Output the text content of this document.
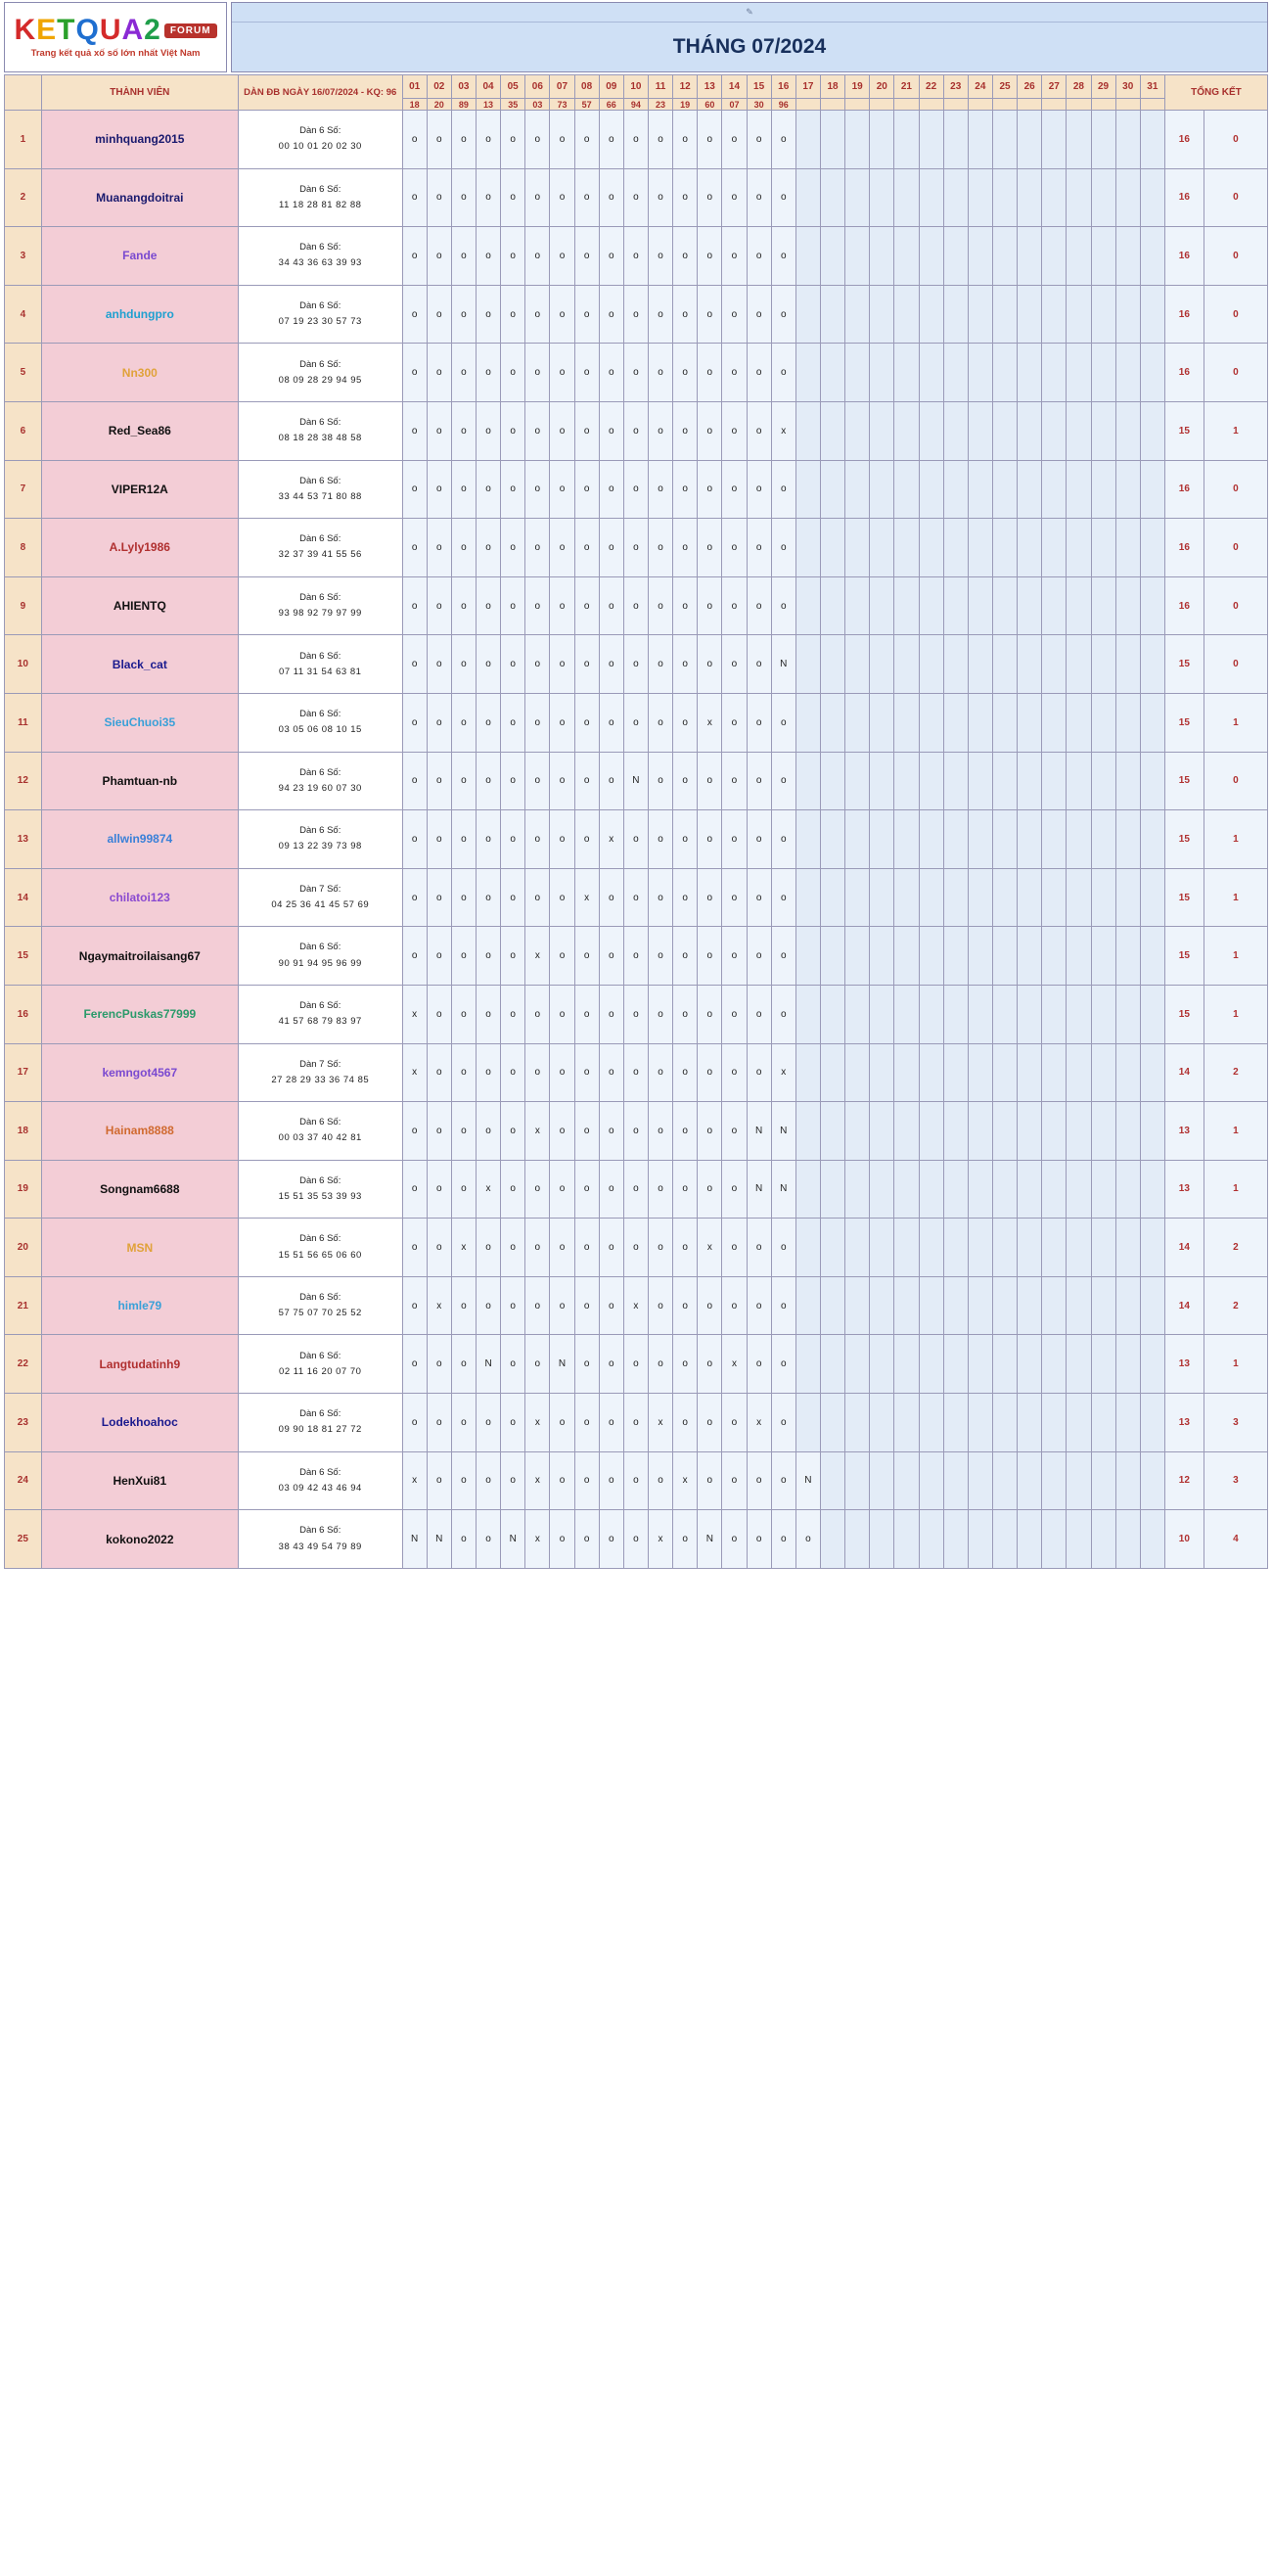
K E T Q U A 2	FORUM
Trang kết quả xố số lớn nhất Việt Nam
✎
THÁNG 07/2024
	THÀNH VIÊN	DÀN ĐB NGÀY 16/07/2024 - KQ: 96	01	02	03	04	05	06	07	08	09	10	11	12	13	14	15	16	17	18	19	20	21	22	23	24	25	26	27	28	29	30	31	TỔNG KẾT	
			18	20	89	13	35	03	73	57	66	94	23	19	60	07	30	96																	
1	minhquang2015	Dàn 6 Số:
00 10 01 20 02 30	o	o	o	o	o	o	o	o	o	o	o	o	o	o	o	o																16	0
2	Muanangdoitrai	Dàn 6 Số:
11 18 28 81 82 88	o	o	o	o	o	o	o	o	o	o	o	o	o	o	o	o																16	0
3	Fande	Dàn 6 Số:
34 43 36 63 39 93	o	o	o	o	o	o	o	o	o	o	o	o	o	o	o	o																16	0
4	anhdungpro	Dàn 6 Số:
07 19 23 30 57 73	o	o	o	o	o	o	o	o	o	o	o	o	o	o	o	o																16	0
5	Nn300	Dàn 6 Số:
08 09 28 29 94 95	o	o	o	o	o	o	o	o	o	o	o	o	o	o	o	o																16	0
6	Red_Sea86	Dàn 6 Số:
08 18 28 38 48 58	o	o	o	o	o	o	o	o	o	o	o	o	o	o	o	x																15	1
7	VIPER12A	Dàn 6 Số:
33 44 53 71 80 88	o	o	o	o	o	o	o	o	o	o	o	o	o	o	o	o																16	0
8	A.Lyly1986	Dàn 6 Số:
32 37 39 41 55 56	o	o	o	o	o	o	o	o	o	o	o	o	o	o	o	o																16	0
9	AHIENTQ	Dàn 6 Số:
93 98 92 79 97 99	o	o	o	o	o	o	o	o	o	o	o	o	o	o	o	o																16	0
10	Black_cat	Dàn 6 Số:
07 11 31 54 63 81	o	o	o	o	o	o	o	o	o	o	o	o	o	o	o	N																15	0
11	SieuChuoi35	Dàn 6 Số:
03 05 06 08 10 15	o	o	o	o	o	o	o	o	o	o	o	o	x	o	o	o																15	1
12	Phamtuan-nb	Dàn 6 Số:
94 23 19 60 07 30	o	o	o	o	o	o	o	o	o	N	o	o	o	o	o	o																15	0
13	allwin99874	Dàn 6 Số:
09 13 22 39 73 98	o	o	o	o	o	o	o	o	x	o	o	o	o	o	o	o																15	1
14	chilatoi123	Dàn 7 Số:
04 25 36 41 45 57 69	o	o	o	o	o	o	o	x	o	o	o	o	o	o	o	o																15	1
15	Ngaymaitroilaisang67	Dàn 6 Số:
90 91 94 95 96 99	o	o	o	o	o	x	o	o	o	o	o	o	o	o	o	o																15	1
16	FerencPuskas77999	Dàn 6 Số:
41 57 68 79 83 97	x	o	o	o	o	o	o	o	o	o	o	o	o	o	o	o																15	1
17	kemngot4567	Dàn 7 Số:
27 28 29 33 36 74 85	x	o	o	o	o	o	o	o	o	o	o	o	o	o	o	x																14	2
18	Hainam8888	Dàn 6 Số:
00 03 37 40 42 81	o	o	o	o	o	x	o	o	o	o	o	o	o	o	N	N																13	1
19	Songnam6688	Dàn 6 Số:
15 51 35 53 39 93	o	o	o	x	o	o	o	o	o	o	o	o	o	o	N	N																13	1
20	MSN	Dàn 6 Số:
15 51 56 65 06 60	o	o	x	o	o	o	o	o	o	o	o	o	x	o	o	o																14	2
21	himle79	Dàn 6 Số:
57 75 07 70 25 52	o	x	o	o	o	o	o	o	o	x	o	o	o	o	o	o																14	2
22	Langtudatinh9	Dàn 6 Số:
02 11 16 20 07 70	o	o	o	N	o	o	N	o	o	o	o	o	o	x	o	o																13	1
23	Lodekhoahoc	Dàn 6 Số:
09 90 18 81 27 72	o	o	o	o	o	x	o	o	o	o	x	o	o	o	x	o																13	3
24	HenXui81	Dàn 6 Số:
03 09 42 43 46 94	x	o	o	o	o	x	o	o	o	o	o	x	o	o	o	o	N															12	3
25	kokono2022	Dàn 6 Số:
38 43 49 54 79 89	N	N	o	o	N	x	o	o	o	o	x	o	N	o	o	o	o															10	4
